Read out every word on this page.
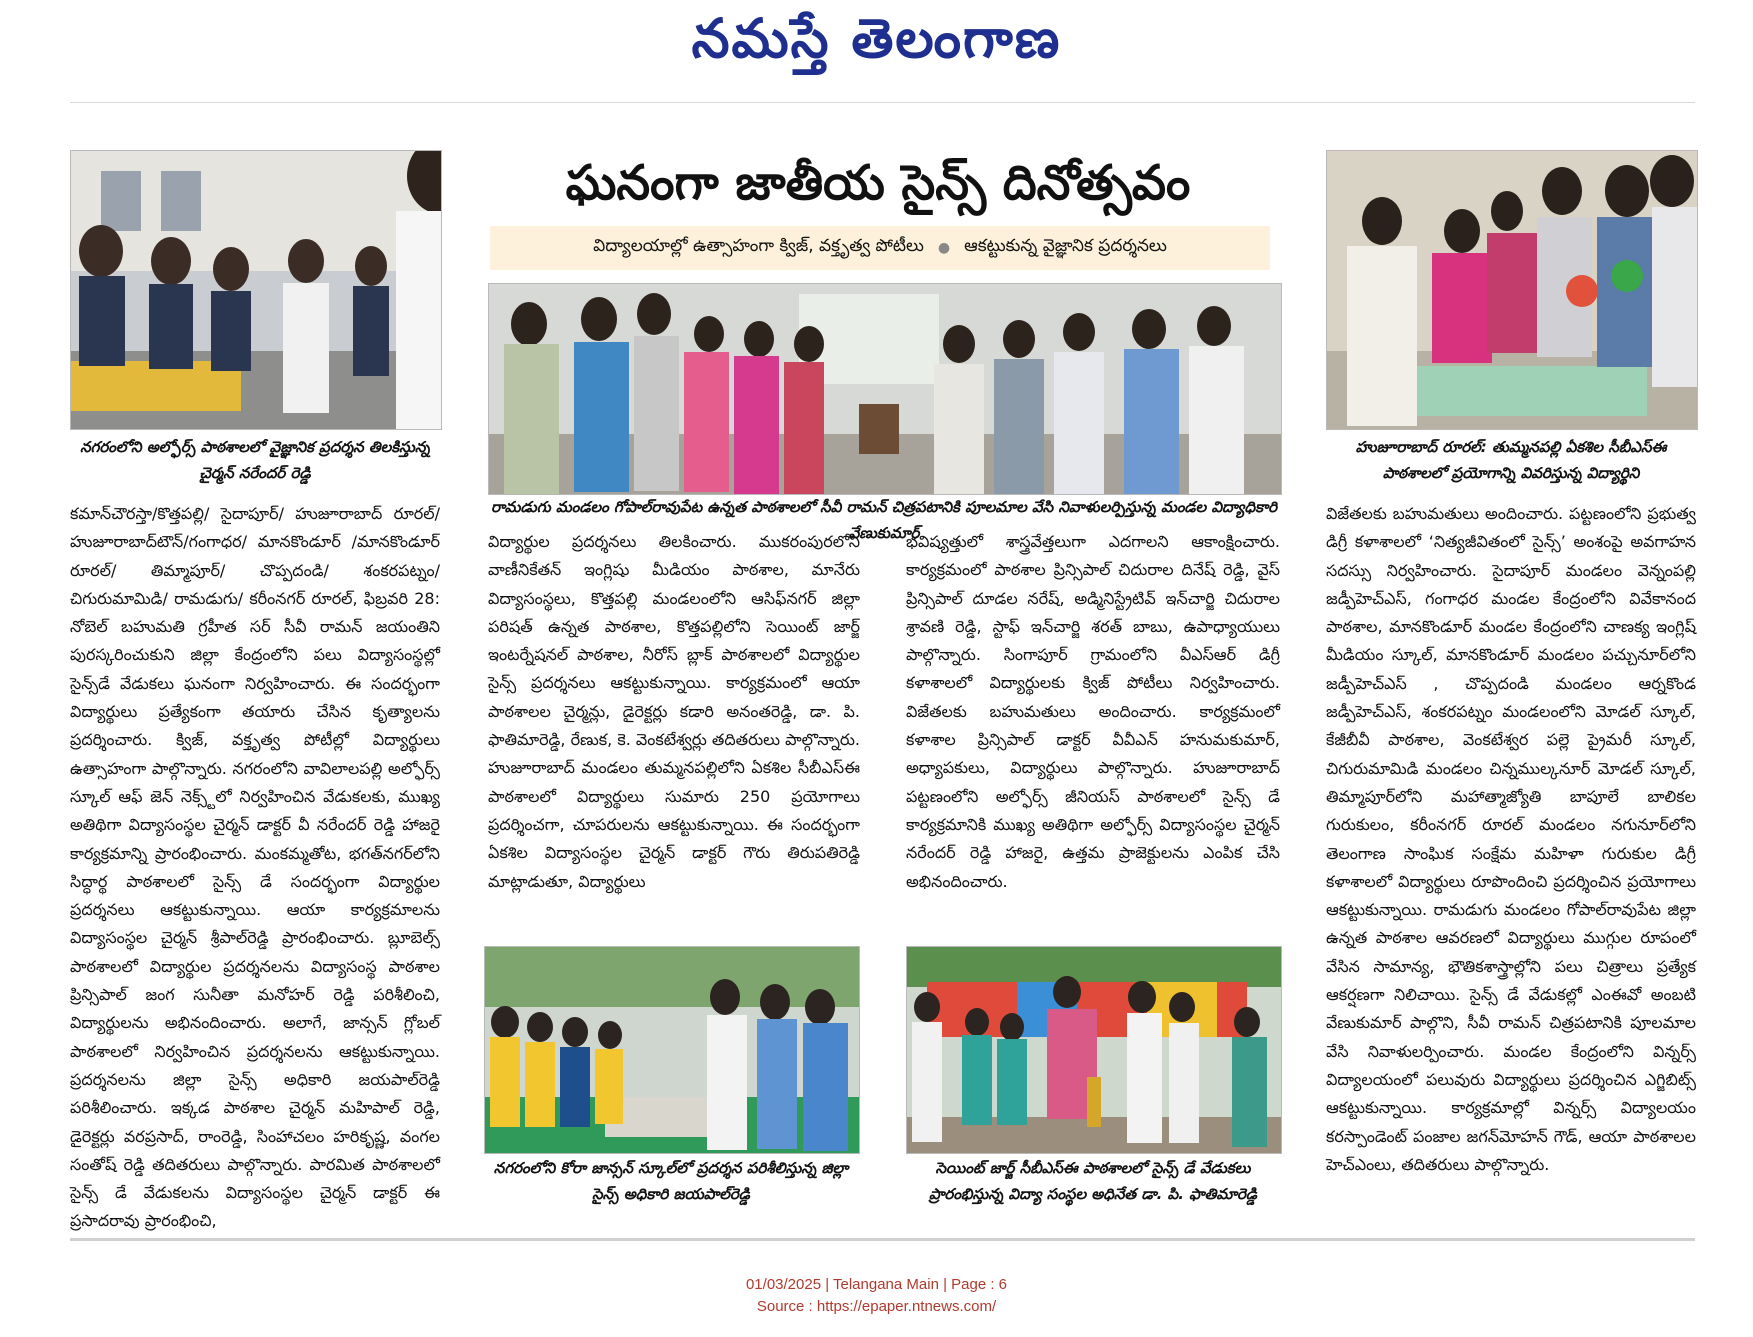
నమస్తే తెలంగాణ
నగరంలోని అల్ఫోర్స్ పాఠశాలలో వైజ్ఞానిక ప్రదర్శన తిలకిస్తున్న చైర్మన్ నరేందర్ రెడ్డి
ఘనంగా జాతీయ సైన్స్ దినోత్సవం
విద్యాలయాల్లో ఉత్సాహంగా క్విజ్, వక్తృత్వ పోటీలు ● ఆకట్టుకున్న వైజ్ఞానిక ప్రదర్శనలు
రామడుగు మండలం గోపాల్‌రావుపేట ఉన్నత పాఠశాలలో సీవీ రామన్ చిత్రపటానికి పూలమాల వేసి నివాళులర్పిస్తున్న మండల విద్యాధికారి వేణుకుమార్
హుజూరాబాద్ రూరల్: తుమ్మనపల్లి ఏకశిల సీబీఎస్‌ఈ పాఠశాలలో ప్రయోగాన్ని వివరిస్తున్న విద్యార్థిని
కమాన్‌చౌరస్తా/కొత్తపల్లి/ సైదాపూర్/ హుజూరాబాద్ రూరల్/హుజూరాబాద్‌టౌన్/గంగాధర/ మానకొండూర్ /మానకొండూర్ రూరల్/ తిమ్మాపూర్/ చొప్పదండి/ శంకరపట్నం/ చిగురుమామిడి/ రామడుగు/ కరీంనగర్ రూరల్, ఫిబ్రవరి 28: నోబెల్ బహుమతి గ్రహీత సర్ సీవీ రామన్ జయంతిని పురస్కరించుకుని జిల్లా కేంద్రంలోని పలు విద్యాసంస్థల్లో సైన్స్‌డే వేడుకలు ఘనంగా నిర్వహించారు. ఈ సందర్భంగా విద్యార్థులు ప్రత్యేకంగా తయారు చేసిన కృత్యాలను ప్రదర్శించారు. క్విజ్, వక్తృత్వ పోటీల్లో విద్యార్థులు ఉత్సాహంగా పాల్గొన్నారు. నగరంలోని వావిలాలపల్లి అల్ఫోర్స్ స్కూల్ ఆఫ్ జెన్ నెక్స్ట్‌లో నిర్వహించిన వేడుకలకు, ముఖ్య అతిథిగా విద్యాసంస్థల చైర్మన్ డాక్టర్ వీ నరేందర్ రెడ్డి హాజరై కార్యక్రమాన్ని ప్రారంభించారు. మంకమ్మతోట, భగత్‌నగర్‌లోని సిద్ధార్థ పాఠశాలలో సైన్స్ డే సందర్భంగా విద్యార్థుల ప్రదర్శనలు ఆకట్టుకున్నాయి. ఆయా కార్యక్రమాలను విద్యాసంస్థల చైర్మన్ శ్రీపాల్‌రెడ్డి ప్రారంభించారు. బ్లూబెల్స్ పాఠశాలలో విద్యార్థుల ప్రదర్శనలను విద్యాసంస్థ పాఠశాల ప్రిన్సిపాల్ జంగ సునీతా మనోహర్ రెడ్డి పరిశీలించి, విద్యార్థులను అభినందించారు. అలాగే, జాన్సన్ గ్లోబల్ పాఠశాలలో నిర్వహించిన ప్రదర్శనలను ఆకట్టుకున్నాయి. ప్రదర్శనలను జిల్లా సైన్స్ అధికారి జయపాల్‌రెడ్డి పరిశీలించారు. ఇక్కడ పాఠశాల చైర్మన్ మహిపాల్ రెడ్డి, డైరెక్టర్లు వరప్రసాద్, రాంరెడ్డి, సింహాచలం హరికృష్ణ, వంగల సంతోష్ రెడ్డి తదితరులు పాల్గొన్నారు. పారమిత పాఠశాలలో సైన్స్ డే వేడుకలను విద్యాసంస్థల చైర్మన్ డాక్టర్ ఈ ప్రసాదరావు ప్రారంభించి,
విద్యార్థుల ప్రదర్శనలు తిలకించారు. ముకరంపురలోని వాణీనికేతన్ ఇంగ్లిషు మీడియం పాఠశాల, మానేరు విద్యాసంస్థలు, కొత్తపల్లి మండలంలోని ఆసిఫ్‌నగర్ జిల్లా పరిషత్ ఉన్నత పాఠశాల, కొత్తపల్లిలోని సెయింట్ జార్జ్ ఇంటర్నేషనల్ పాఠశాల, నీరోస్ బ్లాక్ పాఠశాలలో విద్యార్థుల సైన్స్ ప్రదర్శనలు ఆకట్టుకున్నాయి. కార్యక్రమంలో ఆయా పాఠశాలల చైర్మన్లు, డైరెక్టర్లు కడారి అనంతరెడ్డి, డా. పి. ఫాతిమారెడ్డి, రేణుక, కె. వెంకటేశ్వర్లు తదితరులు పాల్గొన్నారు. హుజూరాబాద్ మండలం తుమ్మనపల్లిలోని ఏకశిల సీబీఎస్‌ఈ పాఠశాలలో విద్యార్థులు సుమారు 250 ప్రయోగాలు ప్రదర్శించగా, చూపరులను ఆకట్టుకున్నాయి. ఈ సందర్భంగా ఏకశిల విద్యాసంస్థల చైర్మన్ డాక్టర్ గౌరు తిరుపతిరెడ్డి మాట్లాడుతూ, విద్యార్థులు
భవిష్యత్తులో శాస్త్రవేత్తలుగా ఎదగాలని ఆకాంక్షించారు. కార్యక్రమంలో పాఠశాల ప్రిన్సిపాల్ చిదురాల దినేష్ రెడ్డి, వైస్ ప్రిన్సిపాల్ దూడల నరేష్, అడ్మినిస్ట్రేటివ్ ఇన్‌చార్జి చిదురాల శ్రావణి రెడ్డి, స్టాఫ్ ఇన్‌చార్జి శరత్ బాబు, ఉపాధ్యాయులు పాల్గొన్నారు. సింగాపూర్ గ్రామంలోని వీఎస్‌ఆర్ డిగ్రీ కళాశాలలో విద్యార్థులకు క్విజ్ పోటీలు నిర్వహించారు. విజేతలకు బహుమతులు అందించారు. కార్యక్రమంలో కళాశాల ప్రిన్సిపాల్ డాక్టర్ వీవీఎన్ హనుమకుమార్, అధ్యాపకులు, విద్యార్థులు పాల్గొన్నారు. హుజూరాబాద్ పట్టణంలోని అల్ఫోర్స్ జీనియస్ పాఠశాలలో సైన్స్ డే కార్యక్రమానికి ముఖ్య అతిథిగా అల్ఫోర్స్ విద్యాసంస్థల చైర్మన్ నరేందర్ రెడ్డి హాజరై, ఉత్తమ ప్రాజెక్టులను ఎంపిక చేసి అభినందించారు.
విజేతలకు బహుమతులు అందించారు. పట్టణంలోని ప్రభుత్వ డిగ్రీ కళాశాలలో ‘నిత్యజీవితంలో సైన్స్’ అంశంపై అవగాహన సదస్సు నిర్వహించారు. సైదాపూర్ మండలం వెన్నంపల్లి జడ్పీహెచ్‌ఎస్, గంగాధర మండల కేంద్రంలోని వివేకానంద పాఠశాల, మానకొండూర్ మండల కేంద్రంలోని చాణక్య ఇంగ్లిష్ మీడియం స్కూల్, మానకొండూర్ మండలం పచ్చునూర్‌లోని జడ్పీహెచ్‌ఎస్ , చొప్పదండి మండలం ఆర్నకొండ జడ్పీహెచ్‌ఎస్, శంకరపట్నం మండలంలోని మోడల్ స్కూల్, కేజీబీవీ పాఠశాల, వెంకటేశ్వర పల్లె ప్రైమరీ స్కూల్, చిగురుమామిడి మండలం చిన్నముల్కనూర్ మోడల్ స్కూల్, తిమ్మాపూర్‌లోని మహాత్మాజ్యోతి బాపూలే బాలికల గురుకులం, కరీంనగర్ రూరల్ మండలం నగునూర్‌లోని తెలంగాణ సాంఘిక సంక్షేమ మహిళా గురుకుల డిగ్రీ కళాశాలలో విద్యార్థులు రూపొందించి ప్రదర్శించిన ప్రయోగాలు ఆకట్టుకున్నాయి. రామడుగు మండలం గోపాల్‌రావుపేట జిల్లా ఉన్నత పాఠశాల ఆవరణలో విద్యార్థులు ముగ్గుల రూపంలో వేసిన సామాన్య, భౌతికశాస్త్రాల్లోని పలు చిత్రాలు ప్రత్యేక ఆకర్షణగా నిలిచాయి. సైన్స్ డే వేడుకల్లో ఎంఈవో అంబటి వేణుకుమార్ పాల్గొని, సీవీ రామన్ చిత్రపటానికి పూలమాల వేసి నివాళులర్పించారు. మండల కేంద్రంలోని విన్నర్స్ విద్యాలయంలో పలువురు విద్యార్థులు ప్రదర్శించిన ఎగ్జిబిట్స్ ఆకట్టుకున్నాయి. కార్యక్రమాల్లో విన్నర్స్ విద్యాలయం కరస్పాండెంట్ పంజాల జగన్‌మోహన్ గౌడ్, ఆయా పాఠశాలల హెచ్‌ఎంలు, తదితరులు పాల్గొన్నారు.
నగరంలోని కోరా జాన్సన్ స్కూల్‌లో ప్రదర్శన పరిశీలిస్తున్న జిల్లా సైన్స్ అధికారి జయపాల్‌రెడ్డి
సెయింట్ జార్జ్ సీబీఎస్‌ఈ పాఠశాలలో సైన్స్ డే వేడుకలు ప్రారంభిస్తున్న విద్యా సంస్థల అధినేత డా. పి. ఫాతిమారెడ్డి
01/03/2025 | Telangana Main | Page : 6
Source : https://epaper.ntnews.com/
